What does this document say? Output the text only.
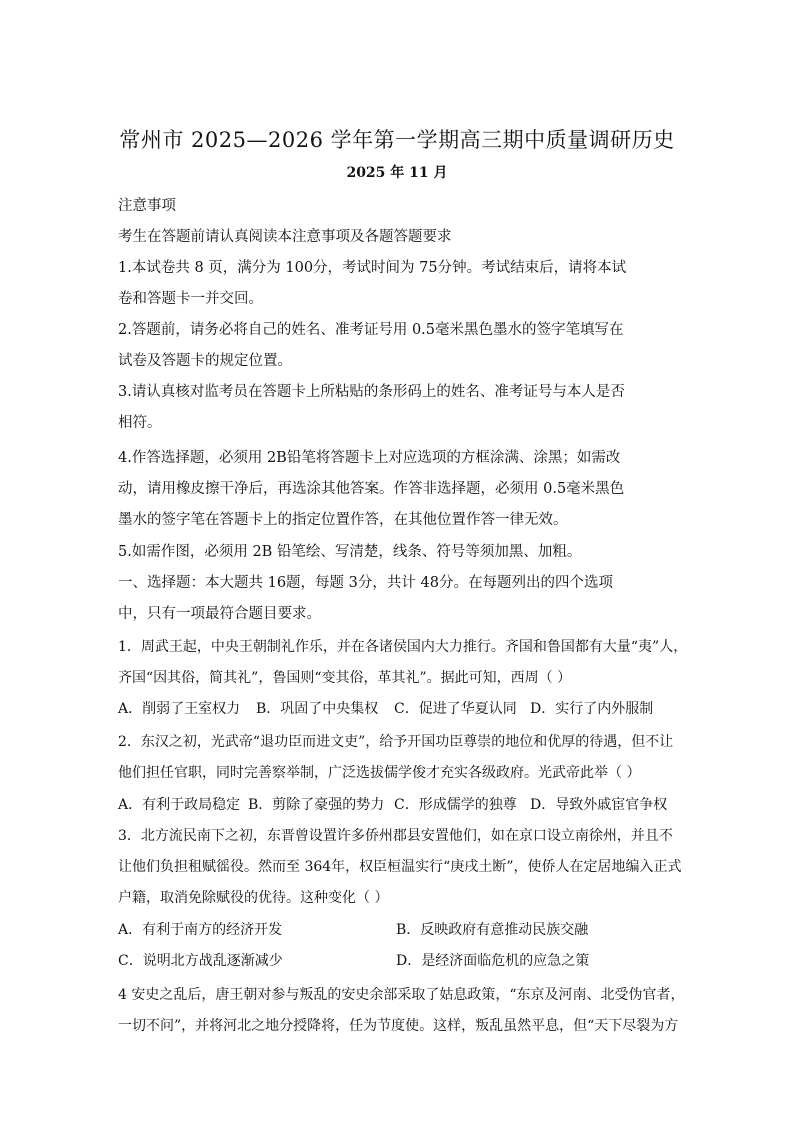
常州市 2025—2026 学年第一学期高三期中质量调研历史
2025 年 11 月
注意事项
考生在答题前请认真阅读本注意事项及各题答题要求
1.本试卷共 8 页，满分为 100分，考试时间为 75分钟。考试结束后，请将本试
卷和答题卡一并交回。
2.答题前，请务必将自己的姓名、准考证号用 0.5毫米黑色墨水的签字笔填写在
试卷及答题卡的规定位置。
3.请认真核对监考员在答题卡上所粘贴的条形码上的姓名、准考证号与本人是否
相符。
4.作答选择题，必须用 2B铅笔将答题卡上对应选项的方框涂满、涂黑；如需改
动，请用橡皮擦干净后，再选涂其他答案。作答非选择题，必须用 0.5毫米黑色
墨水的签字笔在答题卡上的指定位置作答，在其他位置作答一律无效。
5.如需作图，必须用 2B 铅笔绘、写清楚，线条、符号等须加黑、加粗。
一、选择题：本大题共 16题，每题 3分，共计 48分。在每题列出的四个选项
中，只有一项最符合题目要求。
1．周武王起，中央王朝制礼作乐，并在各诸侯国内大力推行。齐国和鲁国都有大量“夷”人，
齐国“因其俗，简其礼”，鲁国则“变其俗，革其礼”。据此可知，西周（ ）
A．削弱了王室权力 B．巩固了中央集权 C．促进了华夏认同 D．实行了内外服制
2．东汉之初，光武帝“退功臣而进文吏”，给予开国功臣尊崇的地位和优厚的待遇，但不让
他们担任官职，同时完善察举制，广泛选拔儒学俊才充实各级政府。光武帝此举（ ）
A．有利于政局稳定 B．剪除了豪强的势力 C．形成儒学的独尊 D．导致外戚宦官争权
3．北方流民南下之初，东晋曾设置许多侨州郡县安置他们，如在京口设立南徐州，并且不
让他们负担租赋徭役。然而至 364年，权臣桓温实行“庚戌土断”，使侨人在定居地编入正式
户籍，取消免除赋役的优待。这种变化（ ）
A．有利于南方的经济开发	B．反映政府有意推动民族交融
C．说明北方战乱逐渐减少	D．是经济面临危机的应急之策
4 安史之乱后，唐王朝对参与叛乱的安史余部采取了姑息政策，“东京及河南、北受伪官者，
一切不问”，并将河北之地分授降将，任为节度使。这样，叛乱虽然平息，但“天下尽裂为方
